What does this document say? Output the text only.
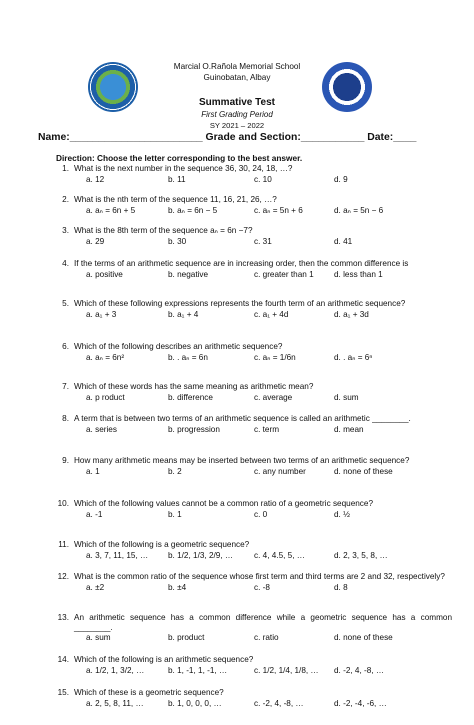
Marcial O.Rañola Memorial School
Guinobatan, Albay
Summative Test
First Grading Period
SY 2021 – 2022
Name:_______________________ Grade and Section:___________ Date:____
Direction: Choose the letter corresponding to the best answer.
1. What is the next number in the sequence 36, 30, 24, 18, …?
a. 12	b. 11	c. 10	d. 9
2. What is the nth term of the sequence 11, 16, 21, 26, …?
a. aₙ = 6n + 5	b. aₙ = 6n − 5	c. aₙ = 5n + 6	d. aₙ = 5n − 6
3. What is the 8th term of the sequence aₙ = 6n −7?
a. 29	b. 30	c. 31	d. 41
4. If the terms of an arithmetic sequence are in increasing order, then the common difference is
a. positive	b. negative	c. greater than 1 d. less than 1
5. Which of these following expressions represents the fourth term of an arithmetic sequence?
a. a₁ + 3	b. a₁ + 4	c. a₁ + 4d	d. a₁ + 3d
6. Which of the following describes an arithmetic sequence?
a. aₙ = 6n²	b. . aₙ = 6n	c. aₙ = 1/6n	d. . aₙ = 6ⁿ
7. Which of these words has the same meaning as arithmetic mean?
a. p roduct	b. difference	c. average	d. sum
8. A term that is between two terms of an arithmetic sequence is called an arithmetic ________.
a. series	b. progression	c. term	d. mean
9. How many arithmetic means may be inserted between two terms of an arithmetic sequence?
a. 1	b. 2	c. any number	d. none of these
10. Which of the following values cannot be a common ratio of a geometric sequence?
a. -1	b. 1	c. 0	d. ½
11. Which of the following is a geometric sequence?
a. 3, 7, 11, 15, … b. 1/2, 1/3, 2/9, …	c. 4, 4.5, 5, …	d. 2, 3, 5, 8, …
12. What is the common ratio of the sequence whose first term and third terms are 2 and 32, respectively?
a. ±2	b. ±4	c. -8	d. 8
13. An arithmetic sequence has a common difference while a geometric sequence has a common ________.
a. sum	b. product	c. ratio	d. none of these
14. Which of the following is an arithmetic sequence?
a. 1/2, 1, 3/2, …	b. 1, -1, 1, -1, …	c. 1/2, 1/4, 1/8, … d. -2, 4, -8, …
15. Which of these is a geometric sequence?
a. 2, 5, 8, 11, …	b. 1, 0, 0, 0, …	c. -2, 4, -8, …	d. -2, -4, -6, …
